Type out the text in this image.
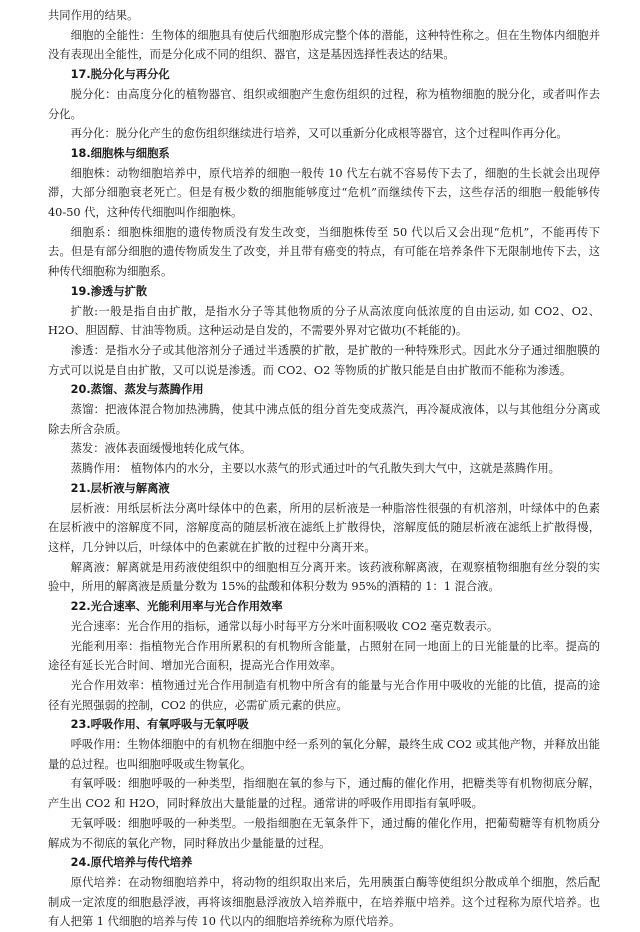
共同作用的结果。

细胞的全能性：生物体的细胞具有使后代细胞形成完整个体的潜能，这种特性称之。但在生物体内细胞并没有表现出全能性，而是分化成不同的组织、器官，这是基因选择性表达的结果。

17.脱分化与再分化

脱分化：由高度分化的植物器官、组织或细胞产生愈伤组织的过程，称为植物细胞的脱分化，或者叫作去分化。

再分化：脱分化产生的愈伤组织继续进行培养，又可以重新分化成根等器官，这个过程叫作再分化。

18.细胞株与细胞系

细胞株：动物细胞培养中，原代培养的细胞一般传 10 代左右就不容易传下去了，细胞的生长就会出现停滞，大部分细胞衰老死亡。但是有极少数的细胞能够度过“危机”而继续传下去，这些存活的细胞一般能够传 40-50 代，这种传代细胞叫作细胞株。

细胞系：细胞株细胞的遗传物质没有发生改变，当细胞株传至 50 代以后又会出现“危机”，不能再传下去。但是有部分细胞的遗传物质发生了改变，并且带有癌变的特点，有可能在培养条件下无限制地传下去，这种传代细胞称为细胞系。

19.渗透与扩散

扩散:一般是指自由扩散，是指水分子等其他物质的分子从高浓度向低浓度的自由运动, 如 CO2、O2、H2O、胆固醇、甘油等物质。这种运动是自发的，不需要外界对它做功(不耗能的)。

渗透：是指水分子或其他溶剂分子通过半透膜的扩散，是扩散的一种特殊形式。因此水分子通过细胞膜的方式可以说是自由扩散，又可以说是渗透。而 CO2、O2 等物质的扩散只能是自由扩散而不能称为渗透。

20.蒸馏、蒸发与蒸腾作用

蒸馏：把液体混合物加热沸腾，使其中沸点低的组分首先变成蒸汽，再冷凝成液体，以与其他组分分离或除去所含杂质。

蒸发：液体表面缓慢地转化成气体。

蒸腾作用： 植物体内的水分，主要以水蒸气的形式通过叶的气孔散失到大气中，这就是蒸腾作用。

21.层析液与解离液

层析液：用纸层析法分离叶绿体中的色素，所用的层析液是一种脂溶性很强的有机溶剂，叶绿体中的色素在层析液中的溶解度不同，溶解度高的随层析液在滤纸上扩散得快，溶解度低的随层析液在滤纸上扩散得慢，这样，几分钟以后，叶绿体中的色素就在扩散的过程中分离开来。

解离液：解离就是用药液使组织中的细胞相互分离开来。该药液称解离液，在观察植物细胞有丝分裂的实验中，所用的解离液是质量分数为 15%的盐酸和体积分数为 95%的酒精的 1：1 混合液。

22.光合速率、光能利用率与光合作用效率

光合速率：光合作用的指标，通常以每小时每平方分米叶面积吸收 CO2 毫克数表示。

光能利用率：指植物光合作用所累积的有机物所含能量，占照射在同一地面上的日光能量的比率。提高的途径有延长光合时间、增加光合面积，提高光合作用效率。

光合作用效率：植物通过光合作用制造有机物中所含有的能量与光合作用中吸收的光能的比值，提高的途径有光照强弱的控制，CO2 的供应，必需矿质元素的供应。

23.呼吸作用、有氧呼吸与无氧呼吸

呼吸作用：生物体细胞中的有机物在细胞中经一系列的氧化分解，最终生成 CO2 或其他产物，并释放出能量的总过程。也叫细胞呼吸或生物氧化。

有氧呼吸：细胞呼吸的一种类型，指细胞在氧的参与下，通过酶的催化作用，把糖类等有机物彻底分解，产生出 CO2 和 H2O，同时释放出大量能量的过程。通常讲的呼吸作用即指有氧呼吸。

无氧呼吸：细胞呼吸的一种类型。一般指细胞在无氧条件下，通过酶的催化作用，把葡萄糖等有机物质分解成为不彻底的氧化产物，同时释放出少量能量的过程。

24.原代培养与传代培养

原代培养：在动物细胞培养中，将动物的组织取出来后，先用胰蛋白酶等使组织分散成单个细胞，然后配制成一定浓度的细胞悬浮液，再将该细胞悬浮液放入培养瓶中，在培养瓶中培养。这个过程称为原代培养。也有人把第 1 代细胞的培养与传 10 代以内的细胞培养统称为原代培养。
